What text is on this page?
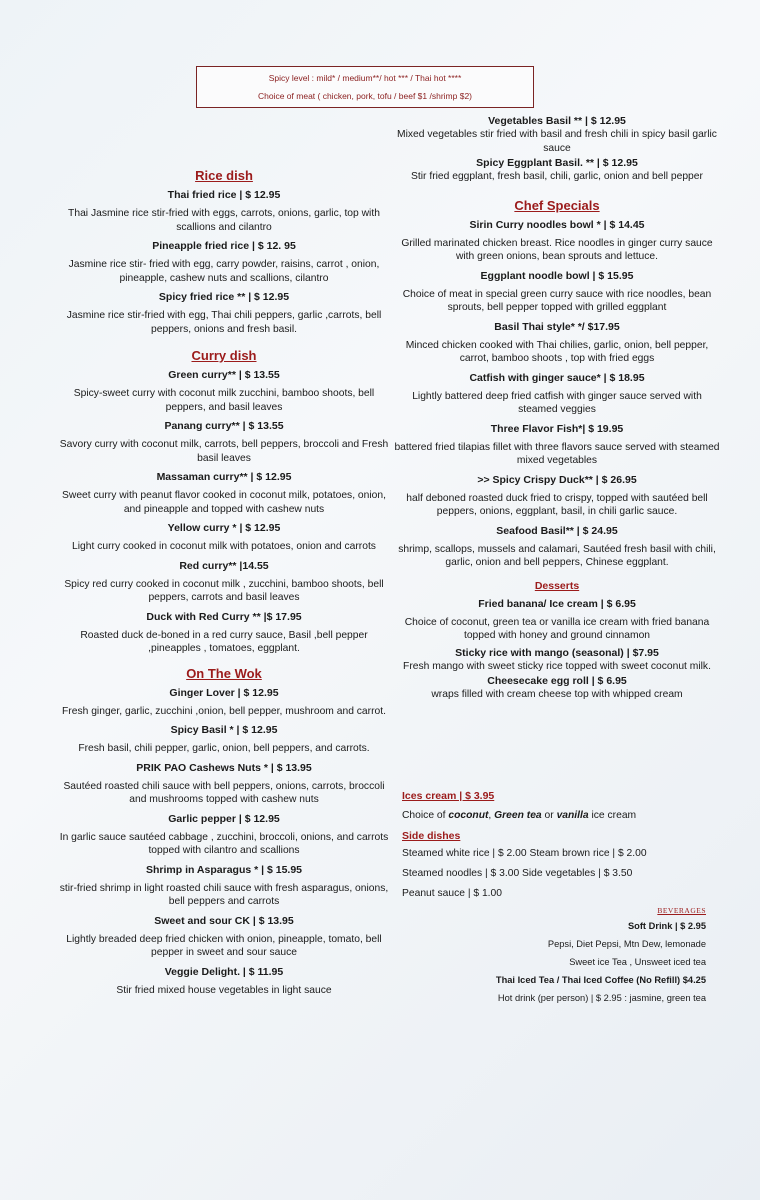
Spicy level : mild* / medium**/ hot *** / Thai hot ****
Choice of meat ( chicken, pork, tofu / beef $1 /shrimp $2)
Rice dish
Thai fried rice | $ 12.95
Thai Jasmine rice stir-fried with eggs, carrots, onions, garlic, top with scallions and cilantro
Pineapple fried rice | $ 12. 95
Jasmine rice stir- fried with egg, carry powder, raisins, carrot , onion, pineapple, cashew nuts and scallions, cilantro
Spicy fried rice ** | $ 12.95
Jasmine rice stir-fried with egg, Thai chili peppers, garlic ,carrots, bell peppers, onions and fresh basil.
Curry dish
Green curry** | $ 13.55
Spicy-sweet curry with coconut milk zucchini, bamboo shoots, bell peppers, and basil leaves
Panang curry** | $ 13.55
Savory curry with coconut milk, carrots, bell peppers, broccoli and Fresh basil leaves
Massaman curry** | $ 12.95
Sweet curry with peanut flavor cooked in coconut milk, potatoes, onion, and pineapple and topped with cashew nuts
Yellow curry * | $ 12.95
Light curry cooked in coconut milk with potatoes, onion and carrots
Red curry** |14.55
Spicy red curry cooked in coconut milk , zucchini, bamboo shoots, bell peppers, carrots and basil leaves
Duck with Red Curry ** |$ 17.95
Roasted duck de-boned in a red curry sauce, Basil ,bell pepper ,pineapples , tomatoes, eggplant.
On The Wok
Ginger Lover | $ 12.95
Fresh ginger, garlic, zucchini ,onion, bell pepper, mushroom and carrot.
Spicy Basil * | $ 12.95
Fresh basil, chili pepper, garlic, onion, bell peppers, and carrots.
PRIK PAO Cashews Nuts * | $ 13.95
Sautéed roasted chili sauce with bell peppers, onions, carrots, broccoli and mushrooms topped with cashew nuts
Garlic pepper | $ 12.95
In garlic sauce sautéed cabbage , zucchini, broccoli, onions, and carrots topped with cilantro and scallions
Shrimp in Asparagus * | $ 15.95
stir-fried shrimp in light roasted chili sauce with fresh asparagus, onions, bell peppers and carrots
Sweet and sour CK | $ 13.95
Lightly breaded deep fried chicken with onion, pineapple, tomato, bell pepper in sweet and sour sauce
Veggie Delight. | $ 11.95
Stir fried mixed house vegetables in light sauce
Vegetables Basil ** | $ 12.95
Mixed vegetables stir fried with basil and fresh chili in spicy basil garlic sauce
Spicy Eggplant Basil. ** | $ 12.95
Stir fried eggplant, fresh basil, chili, garlic, onion and bell pepper
Chef Specials
Sirin Curry noodles bowl * | $ 14.45
Grilled marinated chicken breast. Rice noodles in ginger curry sauce with green onions, bean sprouts and lettuce.
Eggplant noodle bowl | $ 15.95
Choice of meat in special green curry sauce with rice noodles, bean sprouts, bell pepper topped with grilled eggplant
Basil Thai style* */ $17.95
Minced chicken cooked with Thai chilies, garlic, onion, bell pepper, carrot, bamboo shoots , top with fried eggs
Catfish with ginger sauce* | $ 18.95
Lightly battered deep fried catfish with ginger sauce served with steamed veggies
Three Flavor Fish*| $ 19.95
battered fried tilapias fillet with three flavors sauce served with steamed mixed vegetables
>> Spicy Crispy Duck** | $ 26.95
half deboned roasted duck fried to crispy, topped with sautéed bell peppers, onions, eggplant, basil, in chili garlic sauce.
Seafood Basil** | $ 24.95
shrimp, scallops, mussels and calamari, Sautéed fresh basil with chili, garlic, onion and bell peppers, Chinese eggplant.
Desserts
Fried banana/ Ice cream | $ 6.95
Choice of coconut, green tea or vanilla ice cream with fried banana topped with honey and ground cinnamon
Sticky rice with mango (seasonal) | $7.95
Fresh mango with sweet sticky rice topped with sweet coconut milk.
Cheesecake egg roll | $ 6.95
wraps filled with cream cheese top with whipped cream
Ices cream | $ 3.95
Choice of coconut, Green tea or vanilla ice cream
Side dishes
Steamed white rice | $ 2.00 Steam brown rice | $ 2.00
Steamed noodles | $ 3.00 Side vegetables | $ 3.50
Peanut sauce | $ 1.00
BEVERAGES
Soft Drink | $ 2.95
Pepsi, Diet Pepsi, Mtn Dew, lemonade
Sweet ice Tea , Unsweet iced tea
Thai Iced Tea / Thai Iced Coffee (No Refill) $4.25
Hot drink (per person) | $ 2.95 : jasmine, green tea
